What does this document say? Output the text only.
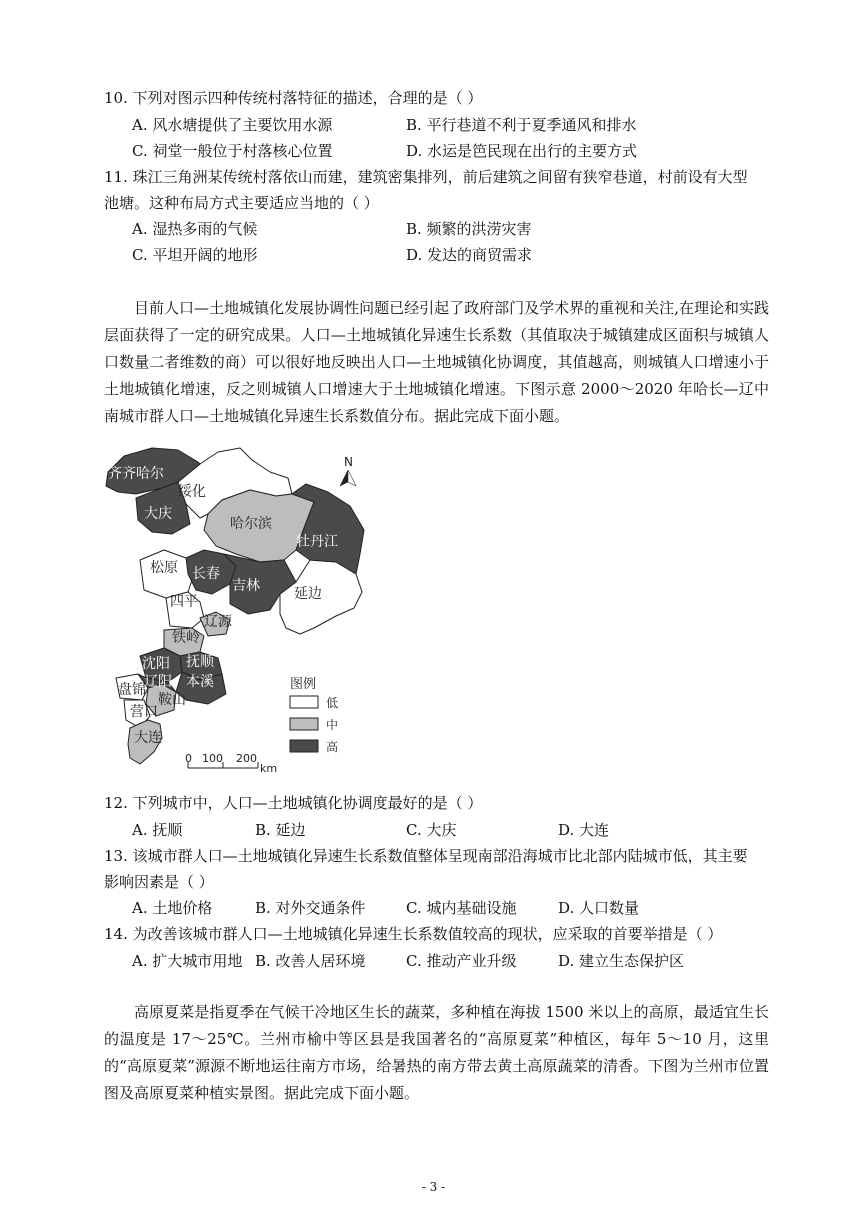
10. 下列对图示四种传统村落特征的描述，合理的是（ ）
A. 风水塘提供了主要饮用水源	B. 平行巷道不利于夏季通风和排水
C. 祠堂一般位于村落核心位置	D. 水运是笆民现在出行的主要方式
11. 珠江三角洲某传统村落依山而建，建筑密集排列，前后建筑之间留有狭窄巷道，村前设有大型
池塘。这种布局方式主要适应当地的（ ）
A. 湿热多雨的气候	B. 频繁的洪涝灾害
C. 平坦开阔的地形	D. 发达的商贸需求
目前人口—土地城镇化发展协调性问题已经引起了政府部门及学术界的重视和关注,在理论和实践层面获得了一定的研究成果。人口—土地城镇化异速生长系数（其值取决于城镇建成区面积与城镇人口数量二者维数的商）可以很好地反映出人口—土地城镇化协调度，其值越高，则城镇人口增速小于土地城镇化增速，反之则城镇人口增速大于土地城镇化增速。下图示意 2000～2020 年哈长—辽中南城市群人口—土地城镇化异速生长系数值分布。据此完成下面小题。
齐齐哈尔
绥化
大庆
哈尔滨
牡丹江
松原 长春
吉林 延边
四平
辽源
铁岭
沈阳 抚顺
辽阳 本溪
盘锦
鞍山
营口
大连
N
图例
低
中
高
0 100 200
km
12. 下列城市中，人口—土地城镇化协调度最好的是（ ）
A. 抚顺	B. 延边	C. 大庆	D. 大连
13. 该城市群人口—土地城镇化异速生长系数值整体呈现南部沿海城市比北部内陆城市低，其主要
影响因素是（ ）
A. 土地价格	B. 对外交通条件	C. 城内基础设施	D. 人口数量
14. 为改善该城市群人口—土地城镇化异速生长系数值较高的现状，应采取的首要举措是（ ）
A. 扩大城市用地 B. 改善人居环境	C. 推动产业升级	D. 建立生态保护区
高原夏菜是指夏季在气候干冷地区生长的蔬菜，多种植在海拔 1500 米以上的高原，最适宜生长的温度是 17～25℃。兰州市榆中等区县是我国著名的“高原夏菜”种植区，每年 5～10 月，这里的“高原夏菜”源源不断地运往南方市场，给暑热的南方带去黄土高原蔬菜的清香。下图为兰州市位置图及高原夏菜种植实景图。据此完成下面小题。
- 3 -
